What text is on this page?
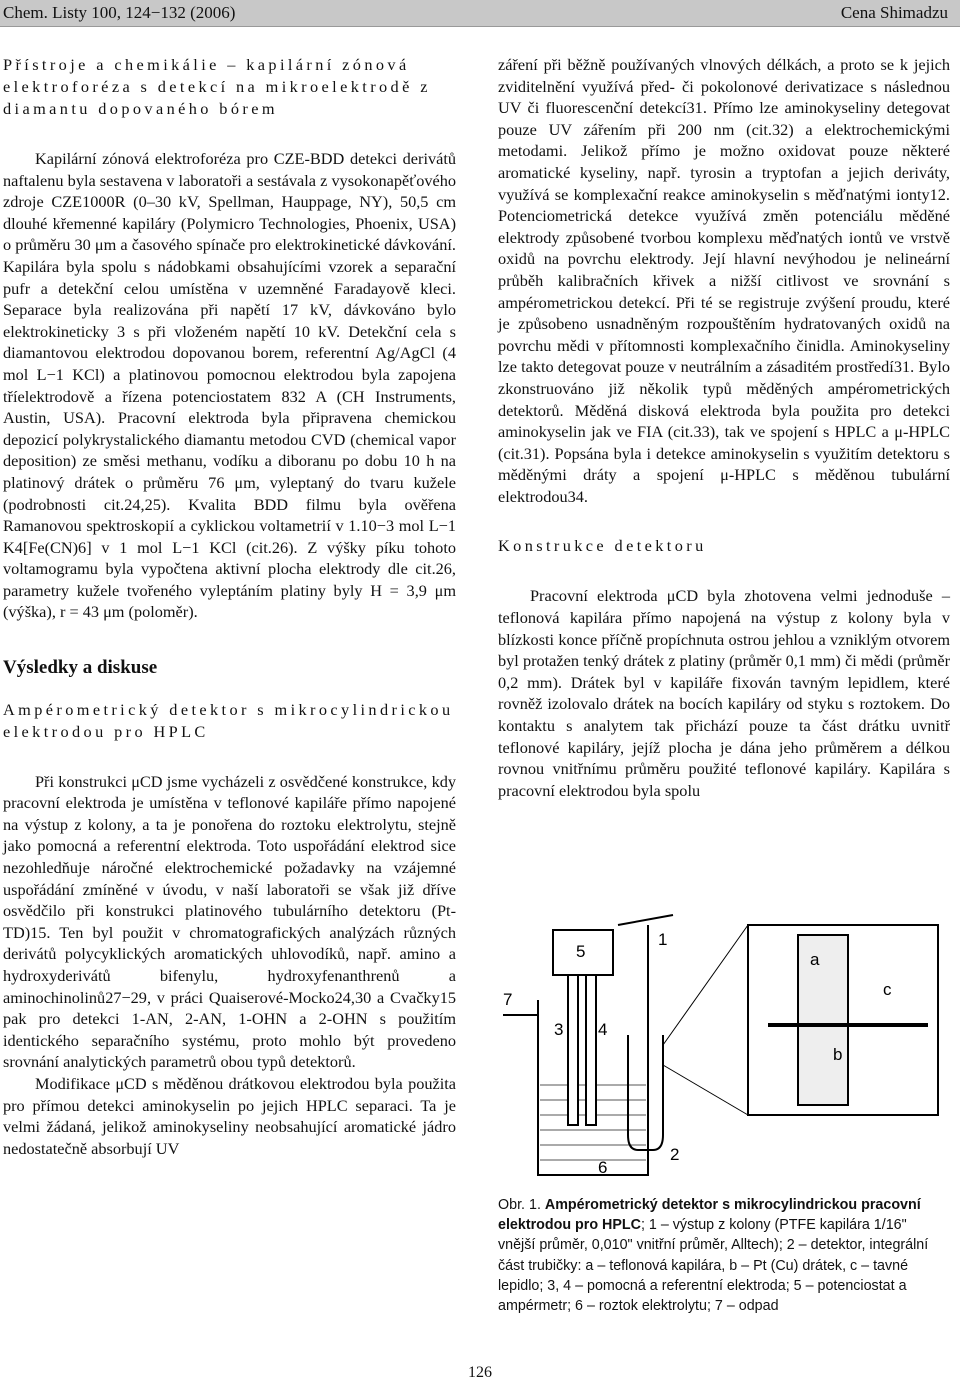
Chem. Listy 100, 124−132 (2006)	Cena Shimadzu

Přístroje a chemikálie – kapilární zónová elektroforéza s detekcí na mikroelektrodě z diamantu dopovaného bórem

Kapilární zónová elektroforéza pro CZE-BDD detekci derivátů naftalenu byla sestavena v laboratoři a sestávala z vysokonapěťového zdroje CZE1000R (0–30 kV, Spellman, Hauppage, NY), 50,5 cm dlouhé křemenné kapiláry (Polymicro Technologies, Phoenix, USA) o průměru 30 μm a časového spínače pro elektrokinetické dávkování. Kapilára byla spolu s nádobkami obsahujícími vzorek a separační pufr a detekční celou umístěna v uzemněné Faradayově kleci. Separace byla realizována při napětí 17 kV, dávkováno bylo elektrokineticky 3 s při vloženém napětí 10 kV. Detekční cela s diamantovou elektrodou dopovanou borem, referentní Ag/AgCl (4 mol L−1 KCl) a platinovou pomocnou elektrodou byla zapojena tříelektrodově a řízena potenciostatem 832 A (CH Instruments, Austin, USA). Pracovní elektroda byla připravena chemickou depozicí polykrystalického diamantu metodou CVD (chemical vapor deposition) ze směsi methanu, vodíku a diboranu po dobu 10 h na platinový drátek o průměru 76 μm, vyleptaný do tvaru kužele (podrobnosti cit.24,25). Kvalita BDD filmu byla ověřena Ramanovou spektroskopií a cyklickou voltametrií v 1.10−3 mol L−1 K4[Fe(CN)6] v 1 mol L−1 KCl (cit.26). Z výšky píku tohoto voltamogramu byla vypočtena aktivní plocha elektrody dle cit.26, parametry kužele tvořeného vyleptáním platiny byly H = 3,9 μm (výška), r = 43 μm (poloměr).

Výsledky a diskuse

Ampérometrický detektor s mikrocylindrickou elektrodou pro HPLC

Při konstrukci μCD jsme vycházeli z osvědčené konstrukce, kdy pracovní elektroda je umístěna v teflonové kapiláře přímo napojené na výstup z kolony, a ta je ponořena do roztoku elektrolytu, stejně jako pomocná a referentní elektroda. Toto uspořádání elektrod sice nezohledňuje náročné elektrochemické požadavky na vzájemné uspořádání zmíněné v úvodu, v naší laboratoři se však již dříve osvědčilo při konstrukci platinového tubulárního detektoru (Pt-TD)15. Ten byl použit v chromatografických analýzách různých derivátů polycyklických aromatických uhlovodíků, např. amino a hydroxyderivátů bifenylu, hydroxyfenanthrenů a aminochinolinů27−29, v práci Quaiserové-Mocko24,30 a Cvačky15 pak pro detekci 1-AN, 2-AN, 1-OHN a 2-OHN s použitím identického separačního systému, proto mohlo být provedeno srovnání analytických parametrů obou typů detektorů.

Modifikace μCD s měděnou drátkovou elektrodou byla použita pro přímou detekci aminokyselin po jejich HPLC separaci. Ta je velmi žádaná, jelikož aminokyseliny neobsahující aromatické jádro nedostatečně absorbují UV

záření při běžně používaných vlnových délkách, a proto se k jejich zviditelnění využívá před- či pokolonové derivatizace s následnou UV či fluorescenční detekcí31. Přímo lze aminokyseliny detegovat pouze UV zářením při 200 nm (cit.32) a elektrochemickými metodami. Jelikož přímo je možno oxidovat pouze některé aromatické kyseliny, např. tyrosin a tryptofan a jejich deriváty, využívá se komplexační reakce aminokyselin s měďnatými ionty12. Potenciometrická detekce využívá změn potenciálu měděné elektrody způsobené tvorbou komplexu měďnatých iontů ve vrstvě oxidů na povrchu elektrody. Její hlavní nevýhodou je nelineární průběh kalibračních křivek a nižší citlivost ve srovnání s ampérometrickou detekcí. Při té se registruje zvýšení proudu, které je způsobeno usnadněným rozpouštěním hydratovaných oxidů na povrchu mědi v přítomnosti komplexačního činidla. Aminokyseliny lze takto detegovat pouze v neutrálním a zásaditém prostředí31. Bylo zkonstruováno již několik typů měděných ampérometrických detektorů. Měděná disková elektroda byla použita pro detekci aminokyselin jak ve FIA (cit.33), tak ve spojení s HPLC a μ-HPLC (cit.31). Popsána byla i detekce aminokyselin s využitím detektoru s měděnými dráty a spojení μ-HPLC s měděnou tubulární elektrodou34.

Konstrukce detektoru

Pracovní elektroda μCD byla zhotovena velmi jednoduše – teflonová kapilára přímo napojená na výstup z kolony byla v blízkosti konce příčně propíchnuta ostrou jehlou a vzniklým otvorem byl protažen tenký drátek z platiny (průměr 0,1 mm) či mědi (průměr 0,2 mm). Drátek byl v kapiláře fixován tavným lepidlem, které rovněž izolovalo drátek na bocích kapiláry od styku s roztokem. Do kontaktu s analytem tak přichází pouze ta část drátku uvnitř teflonové kapiláry, jejíž plocha je dána jeho průměrem a délkou rovnou vnitřnímu průměru použité teflonové kapiláry. Kapilára s pracovní elektrodou byla spolu

1
2
3 4
5
6
7
a
b
c
Obr. 1. Ampérometrický detektor s mikrocylindrickou pracovní elektrodou pro HPLC; 1 – výstup z kolony (PTFE kapilára 1/16" vnější průměr, 0,010" vnitřní průměr, Alltech); 2 – detektor, integrální část trubičky: a – teflonová kapilára, b – Pt (Cu) drátek, c – tavné lepidlo; 3, 4 – pomocná a referentní elektroda; 5 – potenciostat a ampérmetr; 6 – roztok elektrolytu; 7 – odpad
126
